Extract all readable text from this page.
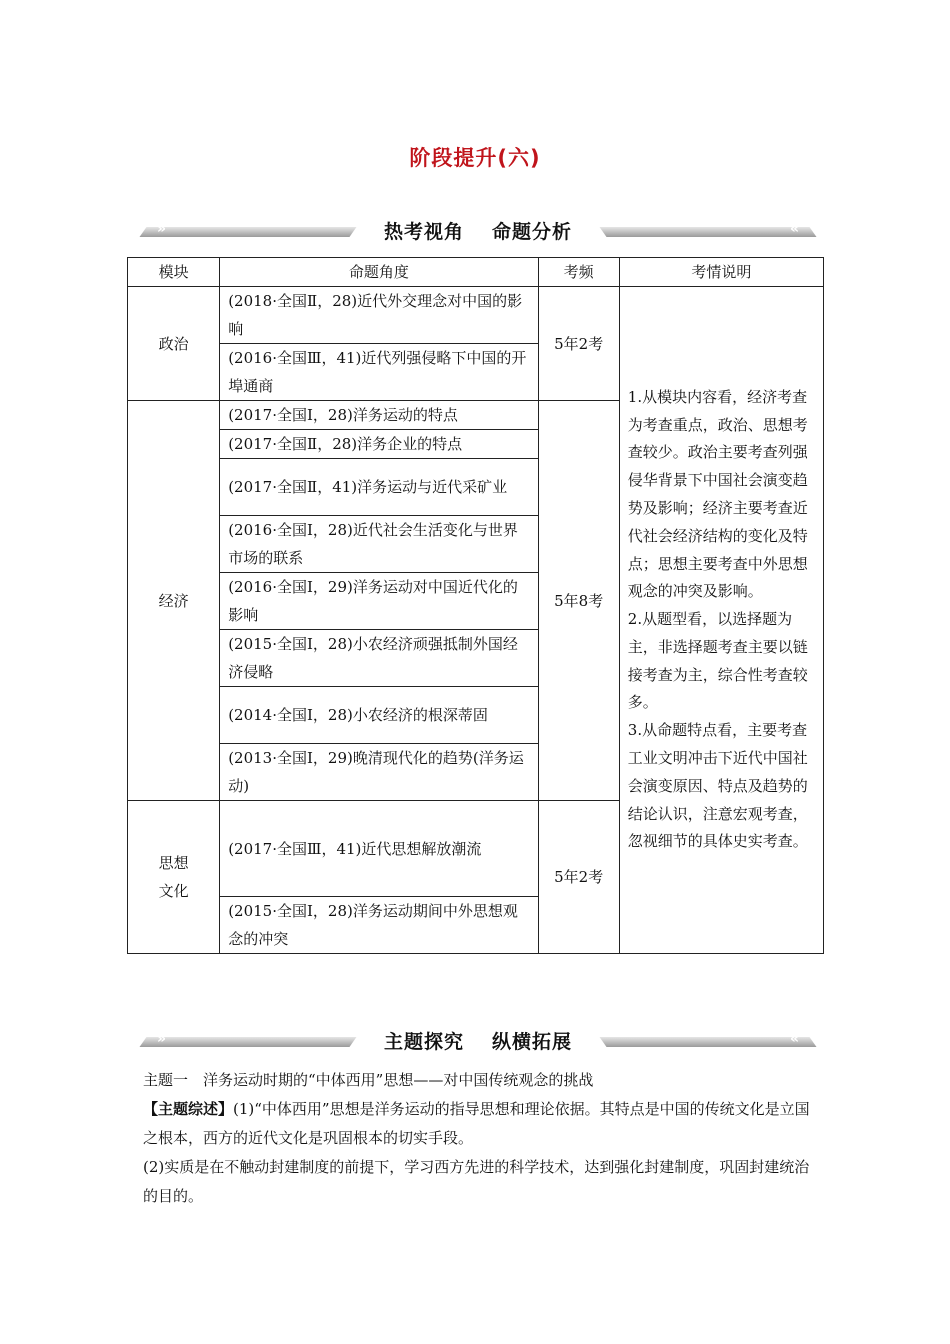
阶段提升(六)
»	«
热考视角 命题分析
模块	命题角度	考频	考情说明
政治	(2018·全国Ⅱ，28)近代外交理念对中国的影响	5年2考	1.从模块内容看，经济考查为考查重点，政治、思想考查较少。政治主要考查列强侵华背景下中国社会演变趋势及影响；经济主要考查近代社会经济结构的变化及特点；思想主要考查中外思想观念的冲突及影响。

2.从题型看，以选择题为主，非选择题考查主要以链接考查为主，综合性考查较多。

3.从命题特点看，主要考查工业文明冲击下近代中国社会演变原因、特点及趋势的结论认识，注意宏观考查，忽视细节的具体史实考查。

	(2016·全国Ⅲ，41)近代列强侵略下中国的开埠通商		
经济	(2017·全国Ⅰ，28)洋务运动的特点	5年8考	
	(2017·全国Ⅱ，28)洋务企业的特点		
	(2017·全国Ⅱ，41)洋务运动与近代采矿业		
	(2016·全国Ⅰ，28)近代社会生活变化与世界市场的联系		
	(2016·全国Ⅰ，29)洋务运动对中国近代化的影响		
	(2015·全国Ⅰ，28)小农经济顽强抵制外国经济侵略		
	(2014·全国Ⅰ，28)小农经济的根深蒂固		
	(2013·全国Ⅰ，29)晚清现代化的趋势(洋务运动)		

思想
文化	(2017·全国Ⅲ，41)近代思想解放潮流	5年2考	
	(2015·全国Ⅰ，28)洋务运动期间中外思想观念的冲突		
»	«
主题探究 纵横拓展

主题一　洋务运动时期的“中体西用”思想——对中国传统观念的挑战

【主题综述】(1)“中体西用”思想是洋务运动的指导思想和理论依据。其特点是中国的传统文化是立国之根本，西方的近代文化是巩固根本的切实手段。

(2)实质是在不触动封建制度的前提下，学习西方先进的科学技术，达到强化封建制度，巩固封建统治的目的。
